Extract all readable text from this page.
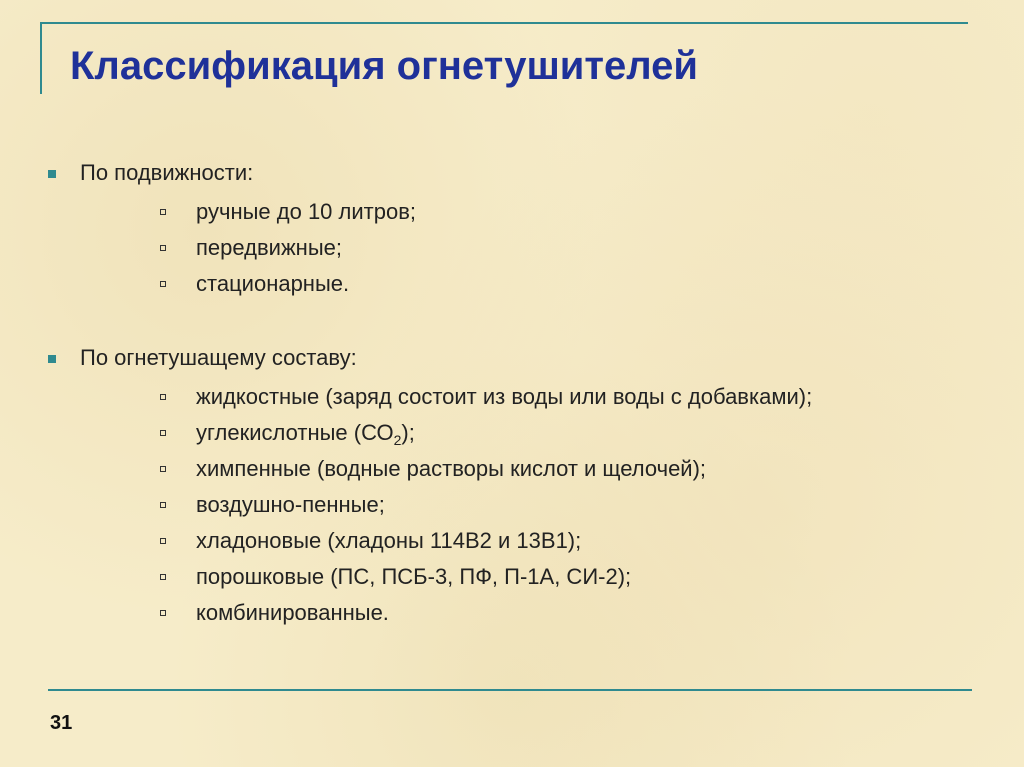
Классификация огнетушителей
По подвижности:
ручные до 10 литров;
передвижные;
стационарные.
По огнетушащему составу:
жидкостные (заряд состоит из воды или воды с добавками);
углекислотные $(СО_2)$;
химпенные (водные растворы кислот и щелочей);
воздушно-пенные;
хладоновые (хладоны 114В2 и 13В1);
порошковые (ПС, ПСБ-3, ПФ, П-1А, СИ-2);
комбинированные.
31
